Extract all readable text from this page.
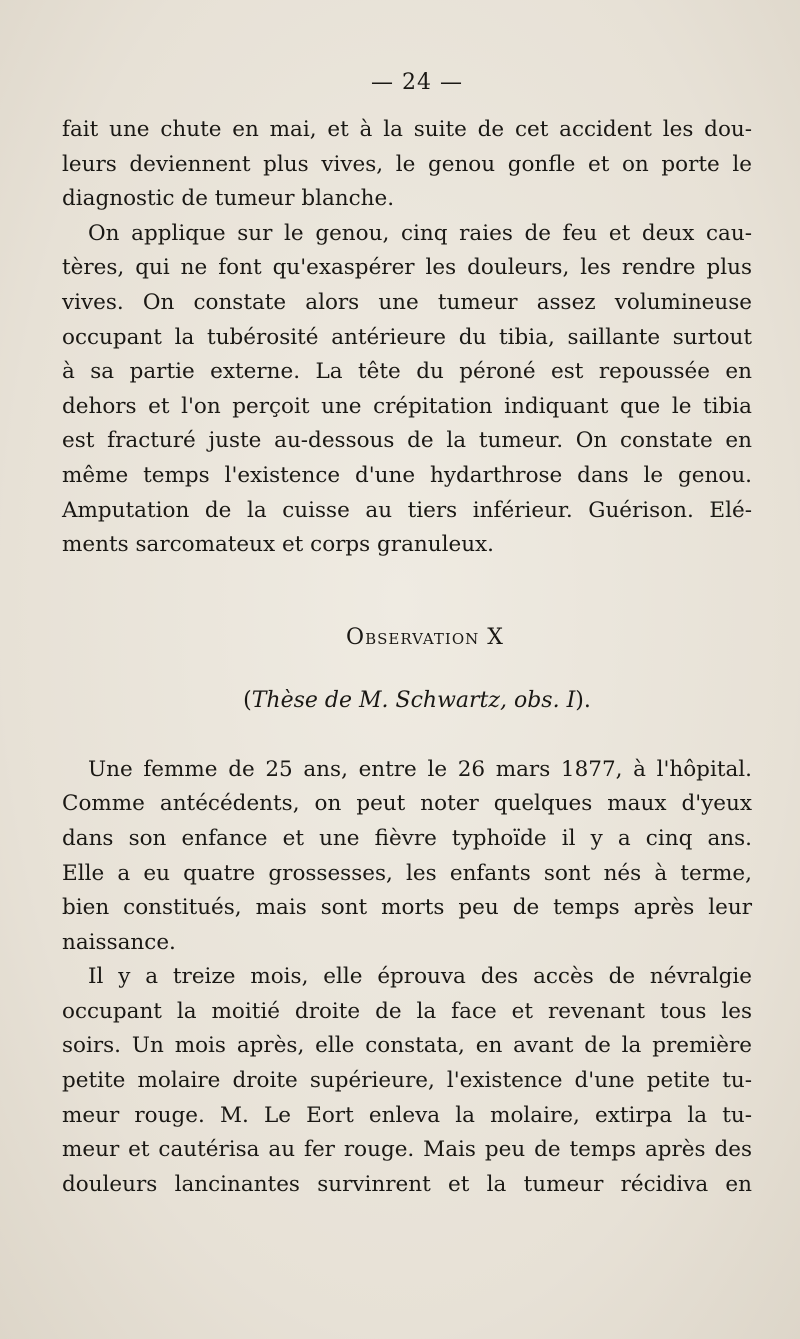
— 24 —

fait une chute en mai, et à la suite de cet accident les dou-
leurs deviennent plus vives, le genou gonfle et on porte le
diagnostic de tumeur blanche.

On applique sur le genou, cinq raies de feu et deux cau-
tères, qui ne font qu'exaspérer les douleurs, les rendre plus
vives. On constate alors une tumeur assez volumineuse
occupant la tubérosité antérieure du tibia, saillante surtout
à sa partie externe. La tête du péroné est repoussée en
dehors et l'on perçoit une crépitation indiquant que le tibia
est fracturé juste au-dessous de la tumeur. On constate en
même temps l'existence d'une hydarthrose dans le genou.
Amputation de la cuisse au tiers inférieur. Guérison. Elé-
ments sarcomateux et corps granuleux.

Observation X
(Thèse de M. Schwartz, obs. I).

Une femme de 25 ans, entre le 26 mars 1877, à l'hôpital.
Comme antécédents, on peut noter quelques maux d'yeux
dans son enfance et une fièvre typhoïde il y a cinq ans.
Elle a eu quatre grossesses, les enfants sont nés à terme,
bien constitués, mais sont morts peu de temps après leur
naissance.

Il y a treize mois, elle éprouva des accès de névralgie
occupant la moitié droite de la face et revenant tous les
soirs. Un mois après, elle constata, en avant de la première
petite molaire droite supérieure, l'existence d'une petite tu-
meur rouge. M. Le Eort enleva la molaire, extirpa la tu-
meur et cautérisa au fer rouge. Mais peu de temps après des
douleurs lancinantes survinrent et la tumeur récidiva en
